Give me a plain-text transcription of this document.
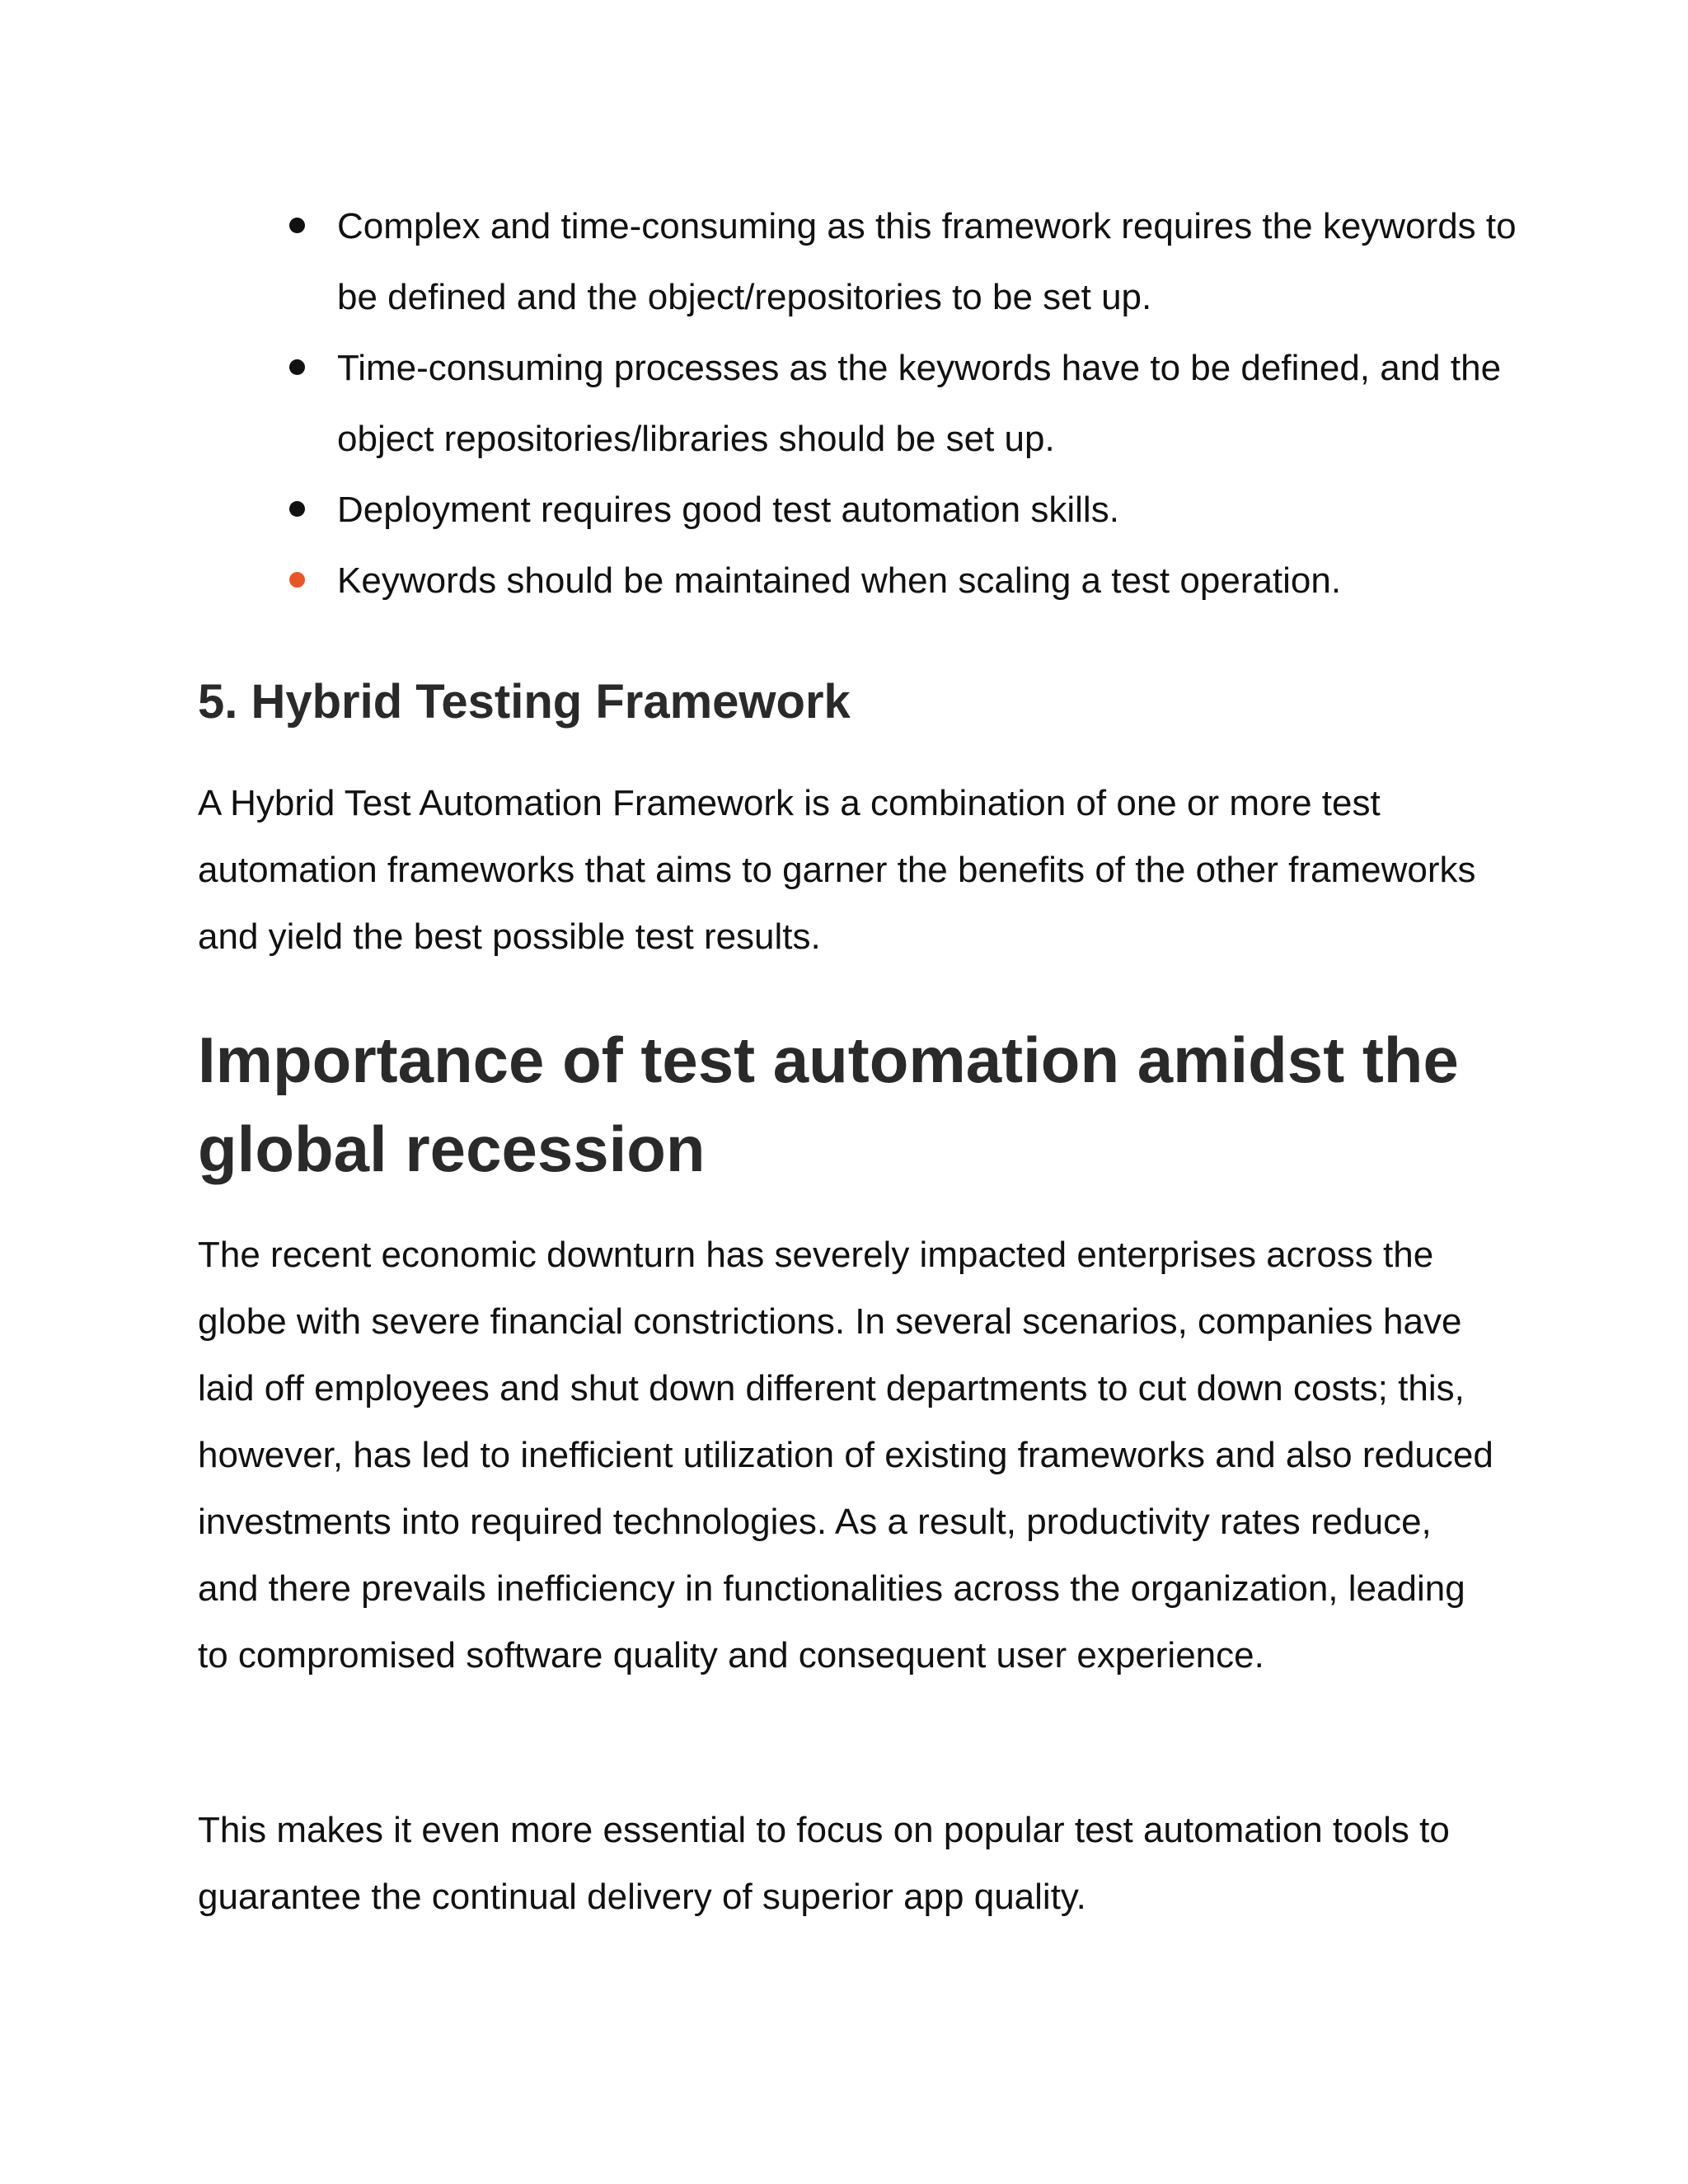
Complex and time-consuming as this framework requires the keywords to be defined and the object/repositories to be set up.
Time-consuming processes as the keywords have to be defined, and the object repositories/libraries should be set up.
Deployment requires good test automation skills.
Keywords should be maintained when scaling a test operation.
5. Hybrid Testing Framework

A Hybrid Test Automation Framework is a combination of one or more test automation frameworks that aims to garner the benefits of the other frameworks and yield the best possible test results.

Importance of test automation amidst the global recession

The recent economic downturn has severely impacted enterprises across the globe with severe financial constrictions. In several scenarios, companies have laid off employees and shut down different departments to cut down costs; this, however, has led to inefficient utilization of existing frameworks and also reduced investments into required technologies. As a result, productivity rates reduce, and there prevails inefficiency in functionalities across the organization, leading to compromised software quality and consequent user experience.

This makes it even more essential to focus on popular test automation tools to guarantee the continual delivery of superior app quality.
